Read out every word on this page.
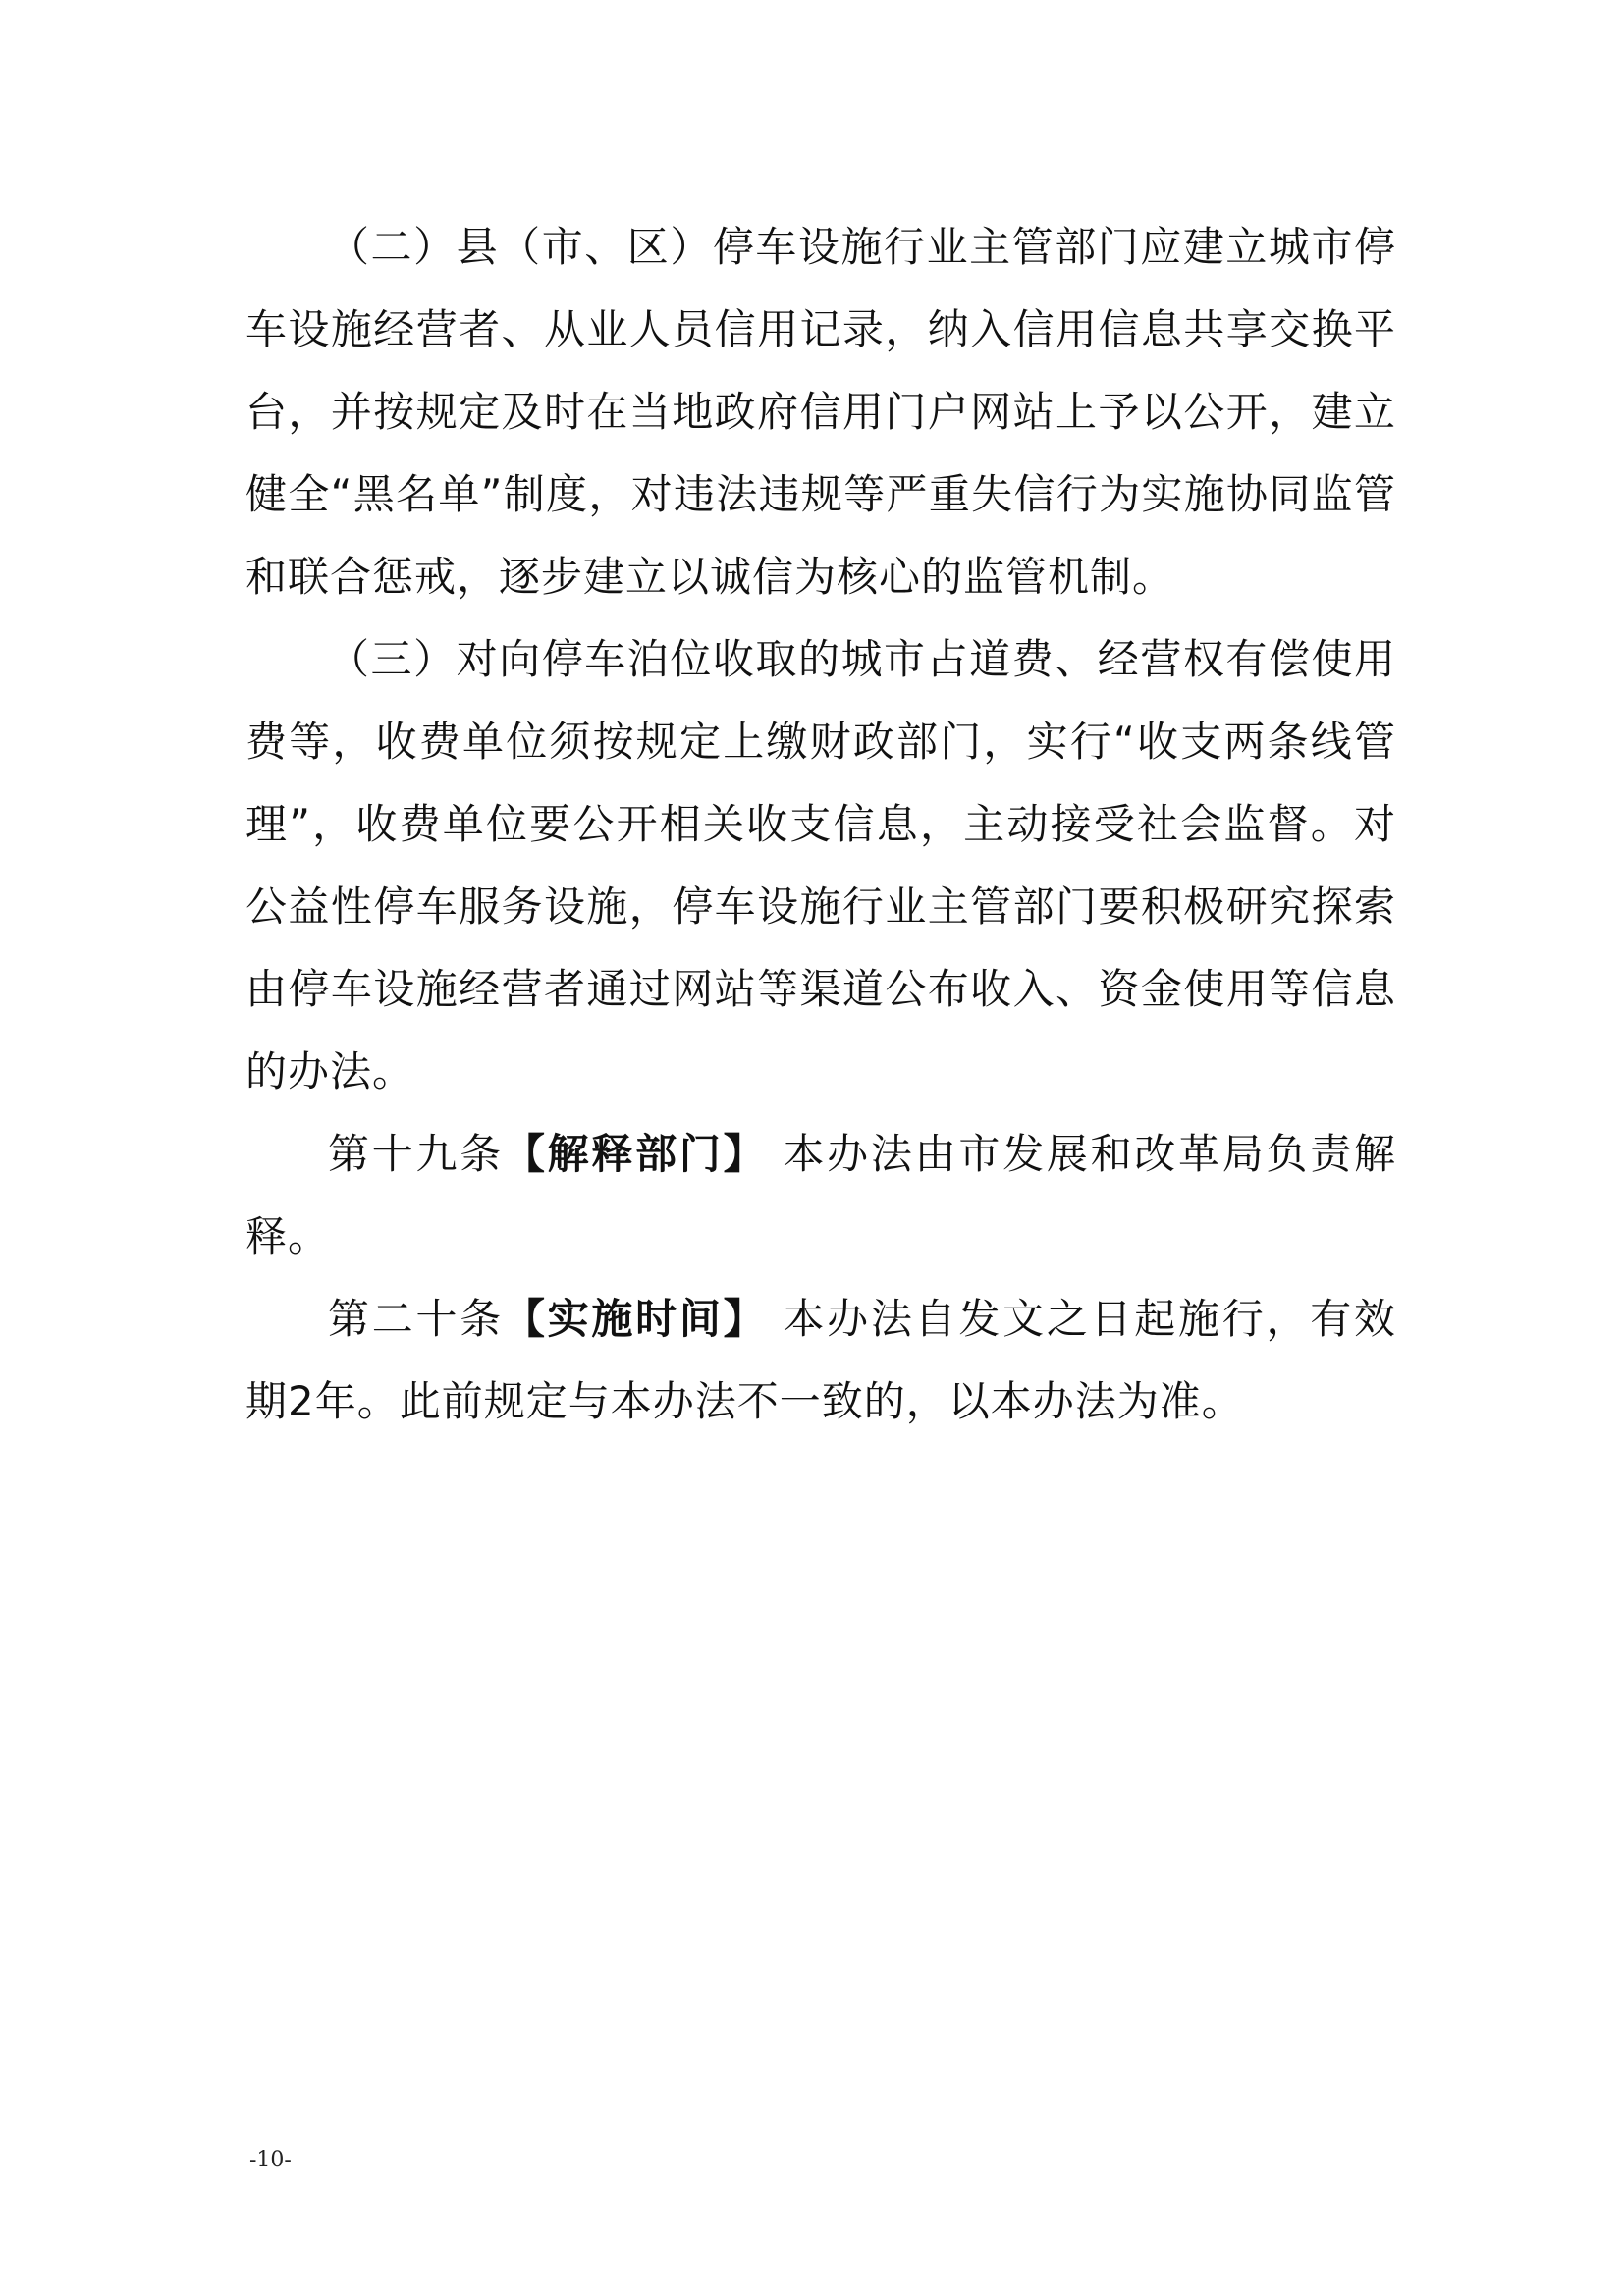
（二）县（市、区）停车设施行业主管部门应建立城市停车设施经营者、从业人员信用记录，纳入信用信息共享交换平台，并按规定及时在当地政府信用门户网站上予以公开，建立健全“黑名单”制度，对违法违规等严重失信行为实施协同监管和联合惩戒，逐步建立以诚信为核心的监管机制。

（三）对向停车泊位收取的城市占道费、经营权有偿使用费等，收费单位须按规定上缴财政部门，实行“收支两条线管理”，收费单位要公开相关收支信息，主动接受社会监督。对公益性停车服务设施，停车设施行业主管部门要积极研究探索由停车设施经营者通过网站等渠道公布收入、资金使用等信息的办法。

第十九条【解释部门】 本办法由市发展和改革局负责解释。

第二十条【实施时间】 本办法自发文之日起施行，有效期2年。此前规定与本办法不一致的，以本办法为准。

-10-
